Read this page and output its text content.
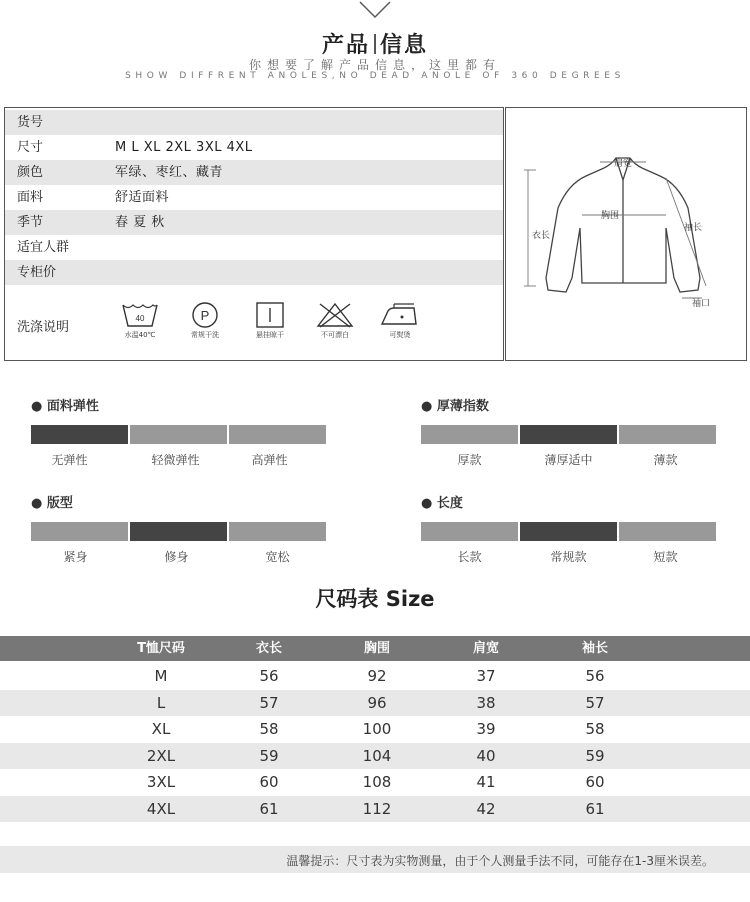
产品 信息
你想要了解产品信息，这里都有
SHOW DIFFRENT ANOLES,NO DEAD ANOLE OF 360 DEGREES
货号
尺寸	M L XL 2XL 3XL 4XL
颜色	军绿、枣红、藏青
面料	舒适面料
季节	春 夏 秋
适宜人群
专柜价
洗涤说明
40
水温40℃
P
常规干洗	悬挂晾干	不可漂白	可熨烫
肩宽
胸围
衣长
袖长
袖口
● 面料弹性
无弹性	轻微弹性	高弹性
● 厚薄指数
厚款	薄厚适中	薄款
● 版型
紧身	修身	宽松
● 长度
长款	常规款	短款
尺码表 Size
T恤尺码	衣长	胸围	肩宽	袖长
M	56	92	37	56
L	57	96	38	57
XL	58	100	39	58
2XL	59	104	40	59
3XL	60	108	41	60
4XL	61	112	42	61
温馨提示：尺寸表为实物测量，由于个人测量手法不同，可能存在1-3厘米误差。
